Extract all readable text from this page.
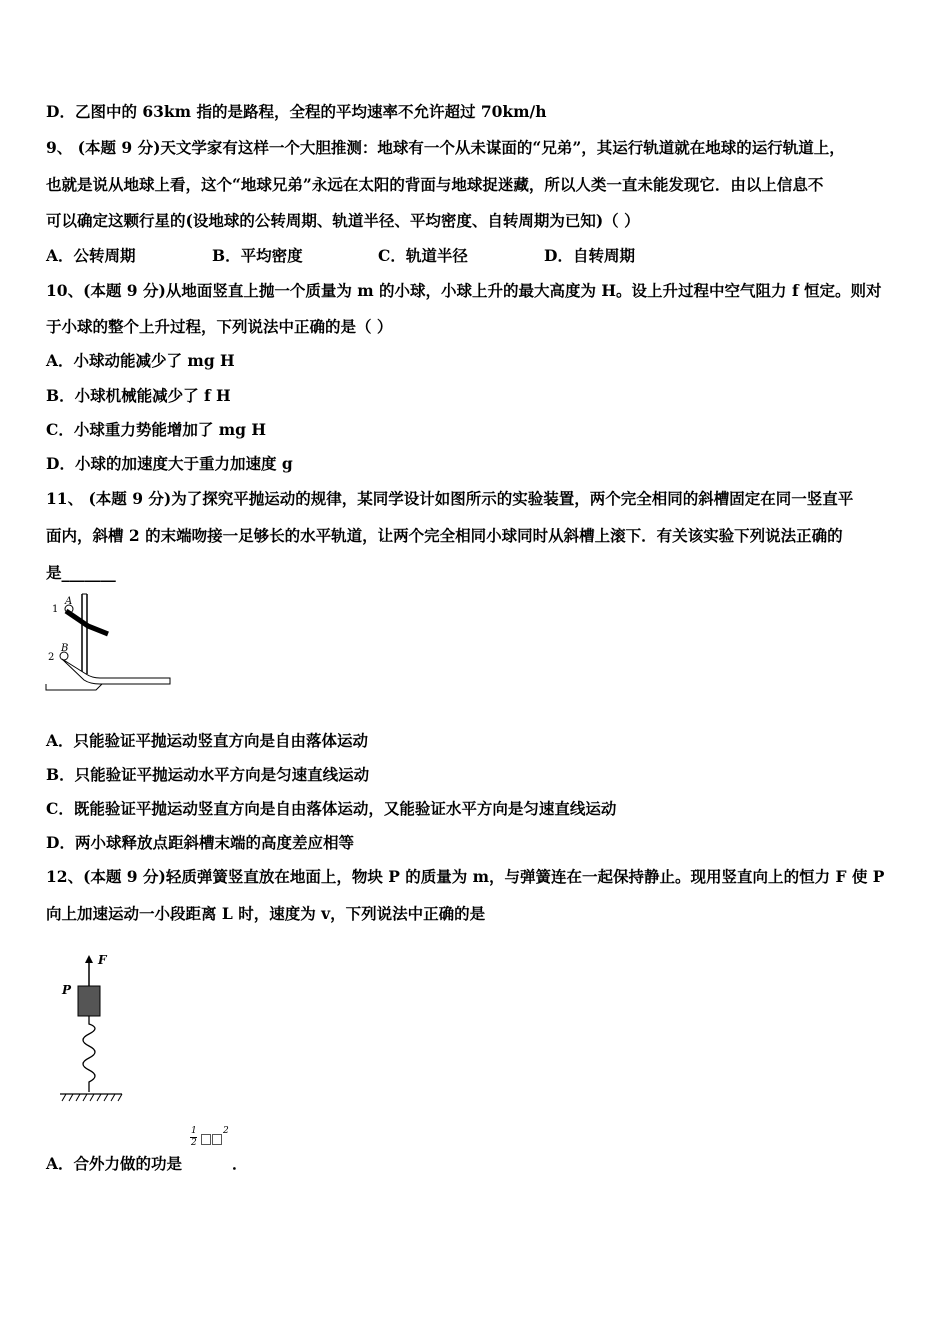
D．乙图中的 63km 指的是路程，全程的平均速率不允许超过 70km/h
9、 (本题 9 分)天文学家有这样一个大胆推测：地球有一个从未谋面的“兄弟”，其运行轨道就在地球的运行轨道上，
也就是说从地球上看，这个“地球兄弟”永远在太阳的背面与地球捉迷藏，所以人类一直未能发现它．由以上信息不
可以确定这颗行星的(设地球的公转周期、轨道半径、平均密度、自转周期为已知)（ ）
A．公转周期	B．平均密度	C．轨道半径	D．自转周期
10、(本题 9 分)从地面竖直上抛一个质量为 m 的小球，小球上升的最大高度为 H。设上升过程中空气阻力 f 恒定。则对
于小球的整个上升过程，下列说法中正确的是（ ）
A．小球动能减少了 mg H
B．小球机械能减少了 f H
C．小球重力势能增加了 mg H
D．小球的加速度大于重力加速度 g
11、 (本题 9 分)为了探究平抛运动的规律，某同学设计如图所示的实验装置，两个完全相同的斜槽固定在同一竖直平
面内，斜槽 2 的末端吻接一足够长的水平轨道，让两个完全相同小球同时从斜槽上滚下．有关该实验下列说法正确的
是_______
A
1
B
2
A．只能验证平抛运动竖直方向是自由落体运动
B．只能验证平抛运动水平方向是匀速直线运动
C．既能验证平抛运动竖直方向是自由落体运动，又能验证水平方向是匀速直线运动
D．两小球释放点距斜槽末端的高度差应相等
12、(本题 9 分)轻质弹簧竖直放在地面上，物块 P 的质量为 m，与弹簧连在一起保持静止。现用竖直向上的恒力 F 使 P
向上加速运动一小段距离 L 时，速度为 v，下列说法中正确的是
F
P
A．合外力做的功是
1
2
2
．
